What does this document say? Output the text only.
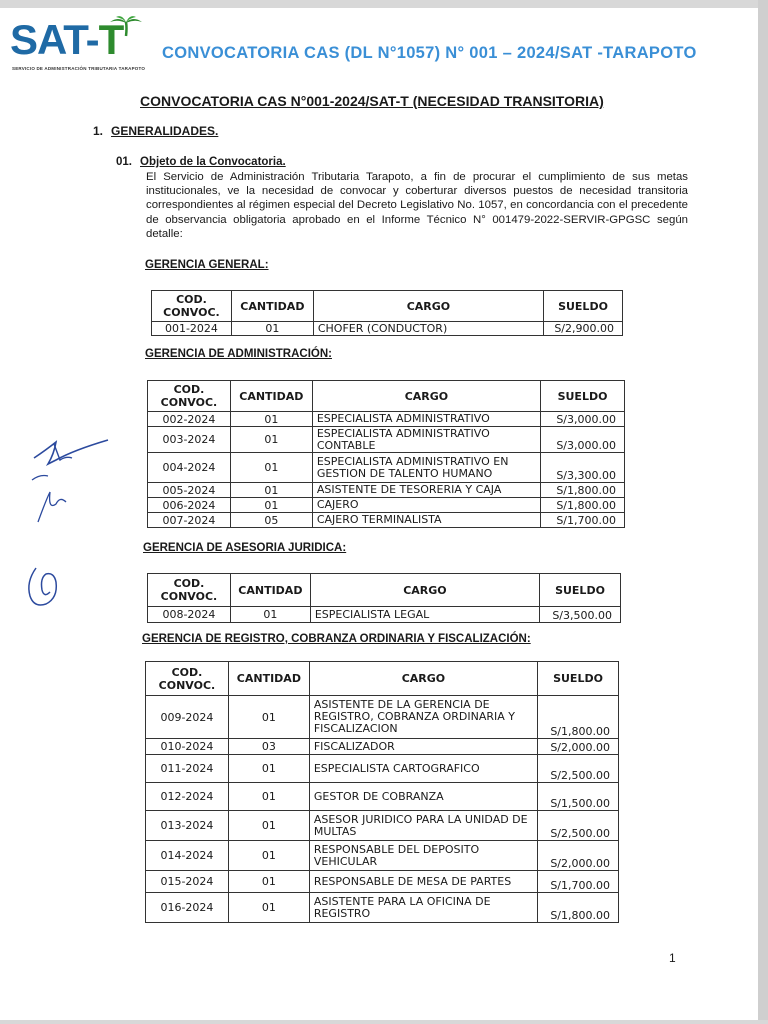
SAT-T
SERVICIO DE ADMINISTRACIÓN TRIBUTARIA TARAPOTO
CONVOCATORIA CAS (DL N°1057) N° 001 – 2024/SAT -TARAPOTO
CONVOCATORIA CAS N°001-2024/SAT-T (NECESIDAD TRANSITORIA)
1. GENERALIDADES.
01. Objeto de la Convocatoria.
El Servicio de Administración Tributaria Tarapoto, a fin de procurar el cumplimiento de sus metas institucionales, ve la necesidad de convocar y coberturar diversos puestos de necesidad transitoria correspondientes al régimen especial del Decreto Legislativo No. 1057, en concordancia con el precedente de observancia obligatoria aprobado en el Informe Técnico N° 001479-2022-SERVIR-GPGSC según detalle:
GERENCIA GENERAL:
COD. CONVOC.	CANTIDAD	CARGO	SUELDO
001-2024	01	CHOFER (CONDUCTOR)	S/2,900.00
GERENCIA DE ADMINISTRACIÓN:
COD. CONVOC.	CANTIDAD	CARGO	SUELDO
002-2024	01	ESPECIALISTA ADMINISTRATIVO	S/3,000.00
003-2024	01	ESPECIALISTA ADMINISTRATIVO CONTABLE	S/3,000.00
004-2024	01	ESPECIALISTA ADMINISTRATIVO EN GESTION DE TALENTO HUMANO	S/3,300.00
005-2024	01	ASISTENTE DE TESORERIA Y CAJA	S/1,800.00
006-2024	01	CAJERO	S/1,800.00
007-2024	05	CAJERO TERMINALISTA	S/1,700.00
GERENCIA DE ASESORIA JURIDICA:
COD. CONVOC.	CANTIDAD	CARGO	SUELDO
008-2024	01	ESPECIALISTA LEGAL	S/3,500.00
GERENCIA DE REGISTRO, COBRANZA ORDINARIA Y FISCALIZACIÓN:
COD. CONVOC.	CANTIDAD	CARGO	SUELDO
009-2024	01	ASISTENTE DE LA GERENCIA DE REGISTRO, COBRANZA ORDINARIA Y FISCALIZACION	S/1,800.00
010-2024	03	FISCALIZADOR	S/2,000.00
011-2024	01	ESPECIALISTA CARTOGRAFICO	S/2,500.00
012-2024	01	GESTOR DE COBRANZA	S/1,500.00
013-2024	01	ASESOR JURIDICO PARA LA UNIDAD DE MULTAS	S/2,500.00
014-2024	01	RESPONSABLE DEL DEPOSITO VEHICULAR	S/2,000.00
015-2024	01	RESPONSABLE DE MESA DE PARTES	S/1,700.00
016-2024	01	ASISTENTE PARA LA OFICINA DE REGISTRO	S/1,800.00
1
